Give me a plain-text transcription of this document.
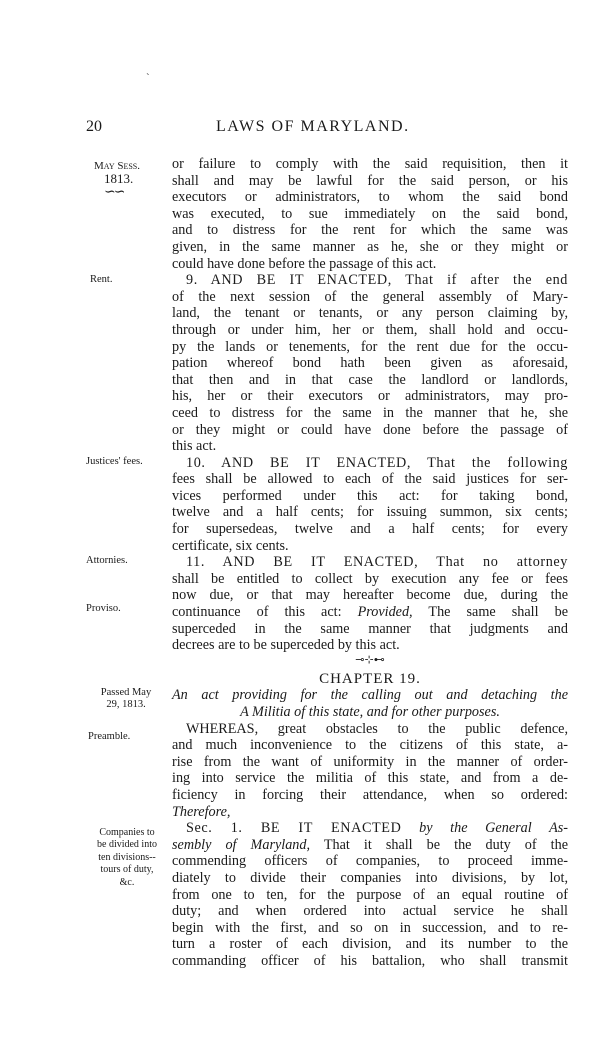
`
20	LAWS OF MARYLAND.
May Sess.
1813.
∽∽
Rent.
Justices' fees.
Attornies.
Proviso.
Passed May
29, 1813.
Preamble.
Companies to
be divided into
ten divisions--
tours of duty,
&c.
or failure to comply with the said requisition, then it
shall and may be lawful for the said person, or his
executors or administrators, to whom the said bond
was executed, to sue immediately on the said bond,
and to distress for the rent for which the same was
given, in the same manner as he, she or they might or
could have done before the passage of this act.
9. AND BE IT ENACTED, That if after the end
of the next session of the general assembly of Mary-
land, the tenant or tenants, or any person claiming by,
through or under him, her or them, shall hold and occu-
py the lands or tenements, for the rent due for the occu-
pation whereof bond hath been given as aforesaid,
that then and in that case the landlord or landlords,
his, her or their executors or administrators, may pro-
ceed to distress for the same in the manner that he, she
or they might or could have done before the passage of
this act.
10. AND BE IT ENACTED, That the following
fees shall be allowed to each of the said justices for ser-
vices performed under this act: for taking bond,
twelve and a half cents; for issuing summon, six cents;
for supersedeas, twelve and a half cents; for every
certificate, six cents.
11. AND BE IT ENACTED, That no attorney
shall be entitled to collect by execution any fee or fees
now due, or that may hereafter become due, during the
continuance of this act: Provided, The same shall be
superceded in the same manner that judgments and
decrees are to be superceded by this act.
⊸⊹⊷
CHAPTER 19.
An act providing for the calling out and detaching the
A Militia of this state, and for other purposes.
WHEREAS, great obstacles to the public defence,
and much inconvenience to the citizens of this state, a-
rise from the want of uniformity in the manner of order-
ing into service the militia of this state, and from a de-
ficiency in forcing their attendance, when so ordered:
Therefore,
Sec. 1. BE IT ENACTED by the General As-
sembly of Maryland, That it shall be the duty of the
commending officers of companies, to proceed imme-
diately to divide their companies into divisions, by lot,
from one to ten, for the purpose of an equal routine of
duty; and when ordered into actual service he shall
begin with the first, and so on in succession, and to re-
turn a roster of each division, and its number to the
commanding officer of his battalion, who shall transmit
